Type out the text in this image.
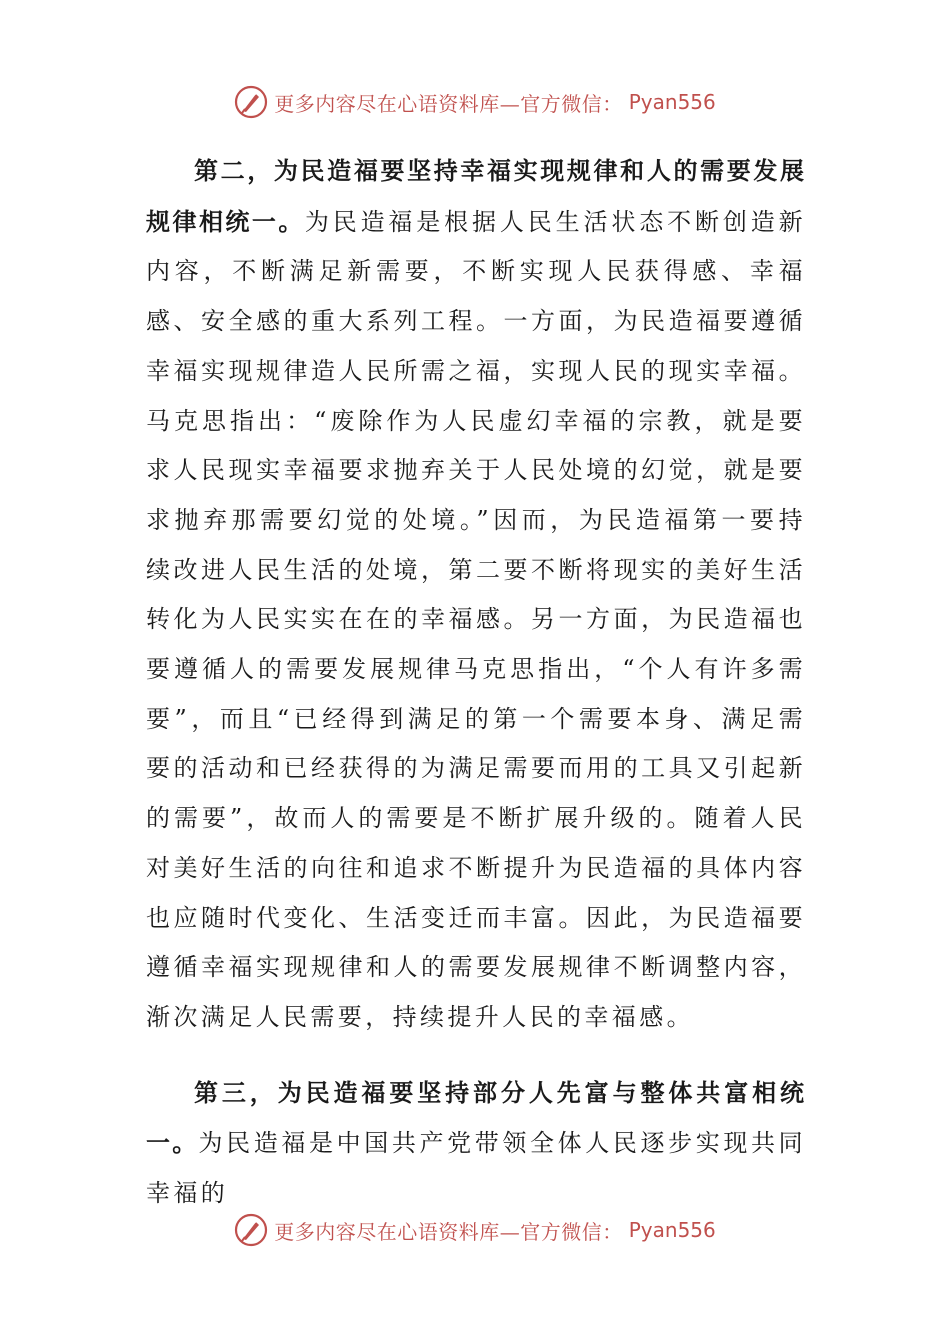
更多内容尽在心语资料库—官方微信： Pyan556

第二，为民造福要坚持幸福实现规律和人的需要发展规律相统一。为民造福是根据人民生活状态不断创造新内容，不断满足新需要，不断实现人民获得感、幸福感、安全感的重大系列工程。一方面，为民造福要遵循幸福实现规律造人民所需之福，实现人民的现实幸福。马克思指出：“废除作为人民虚幻幸福的宗教，就是要求人民现实幸福要求抛弃关于人民处境的幻觉，就是要求抛弃那需要幻觉的处境。”因而，为民造福第一要持续改进人民生活的处境，第二要不断将现实的美好生活转化为人民实实在在的幸福感。另一方面，为民造福也要遵循人的需要发展规律马克思指出，“个人有许多需要”，而且“已经得到满足的第一个需要本身、满足需要的活动和已经获得的为满足需要而用的工具又引起新的需要”，故而人的需要是不断扩展升级的。随着人民对美好生活的向往和追求不断提升为民造福的具体内容也应随时代变化、生活变迁而丰富。因此，为民造福要遵循幸福实现规律和人的需要发展规律不断调整内容，渐次满足人民需要，持续提升人民的幸福感。

第三，为民造福要坚持部分人先富与整体共富相统一。为民造福是中国共产党带领全体人民逐步实现共同幸福的

更多内容尽在心语资料库—官方微信： Pyan556
